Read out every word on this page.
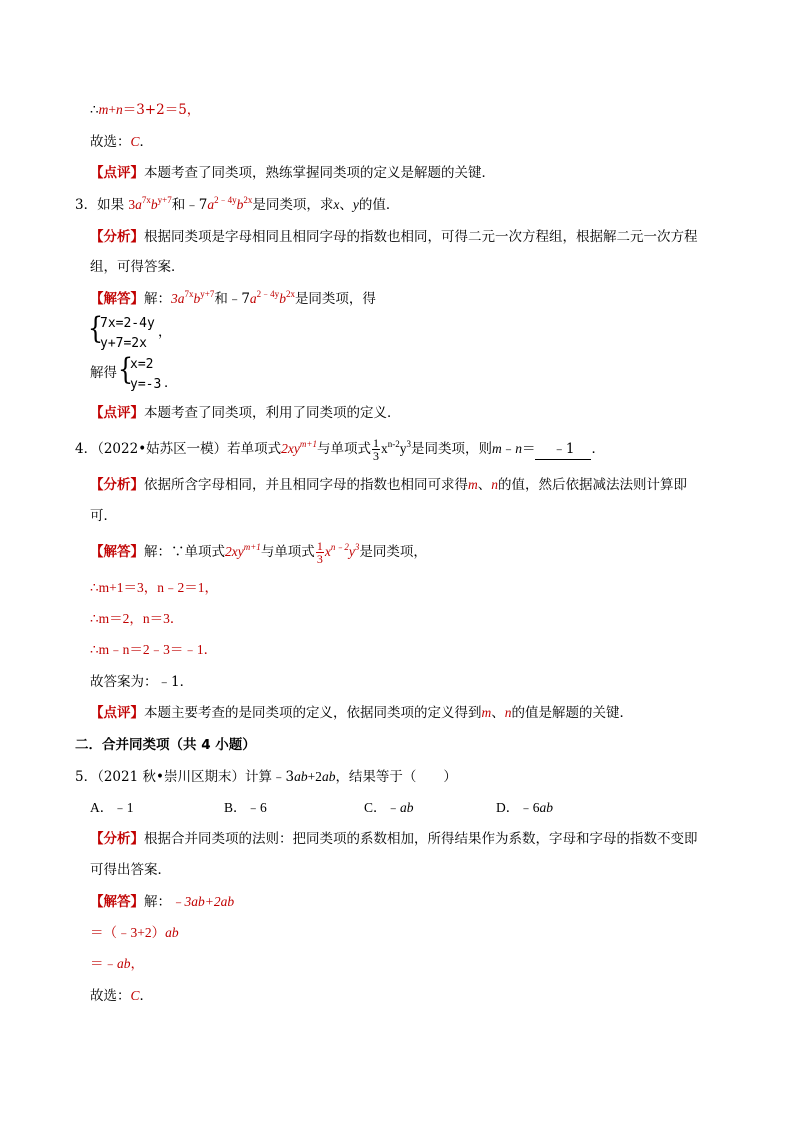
∴m+n＝3+2＝5，
故选：C．
【点评】本题考查了同类项，熟练掌握同类项的定义是解题的关键．
3．如果 $3a^{7x}b^{y+7}$和$﹣7a^{2﹣4y}b^{2x}$是同类项，求x、y的值．
【分析】根据同类项是字母相同且相同字母的指数也相同，可得二元一次方程组，根据解二元一次方程
组，可得答案．
【解答】解：$3a^{7x}b^{y+7}$和$﹣7a^{2﹣4y}b^{2x}$是同类项，得
{
7x=2-4y
，
y+7=2x
解得 {
x=2
y=-3 ．
【点评】本题考查了同类项，利用了同类项的定义．
4．（2022•姑苏区一模）若单项式$2xy^{m+1}$与单项式 $\frac{1}{3} x^{n-2}y^3$是同类项，则m﹣n＝ ﹣1 ．
【分析】依据所含字母相同，并且相同字母的指数也相同可求得m、n的值，然后依据减法法则计算即
可．
【解答】解：∵单项式$2xy^{m+1}$与单项式 $\frac{1}{3} x^{n﹣2}y^3$是同类项，
∴m+1＝3，n﹣2＝1，
∴m＝2，n＝3．
∴m﹣n＝2﹣3＝﹣1．
故答案为：﹣1．
【点评】本题主要考查的是同类项的定义，依据同类项的定义得到m、n的值是解题的关键．
二．合并同类项（共 4 小题）
5．（2021 秋•崇川区期末）计算﹣3ab+2ab，结果等于（　　）
A．﹣1	B．﹣6	C．﹣ab	D．﹣6ab
【分析】根据合并同类项的法则：把同类项的系数相加，所得结果作为系数，字母和字母的指数不变即
可得出答案．
【解答】解：﹣3ab+2ab
＝（﹣3+2）ab
＝﹣ab，
故选：C．
